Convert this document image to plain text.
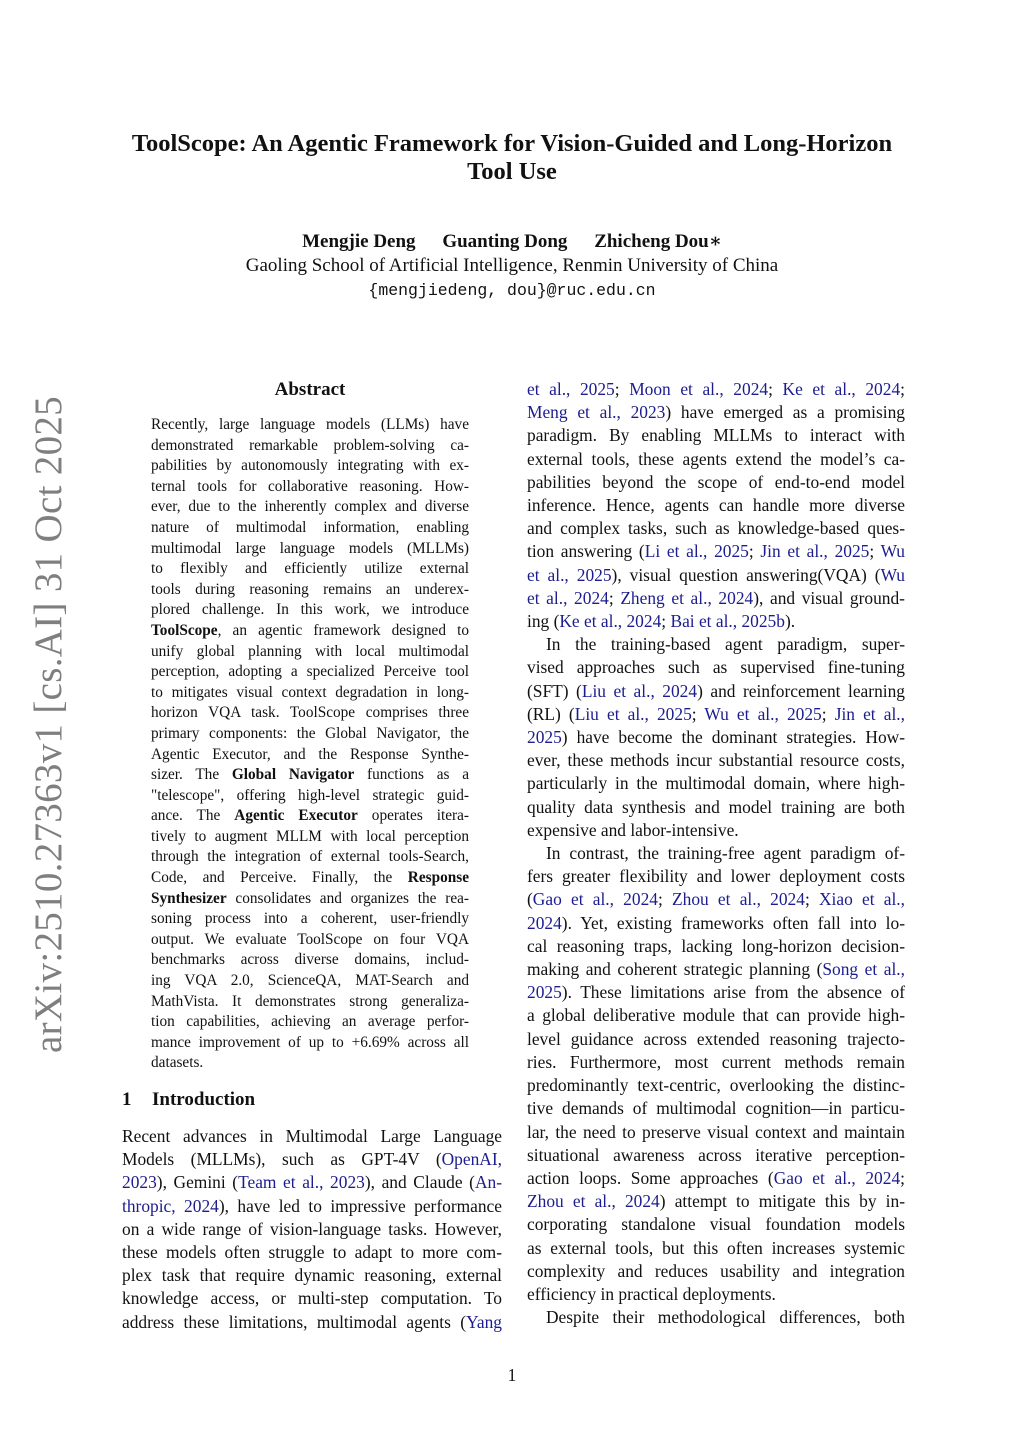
arXiv:2510.27363v1 [cs.AI] 31 Oct 2025
ToolScope: An Agentic Framework for Vision-Guided and Long-Horizon
Tool Use
Mengjie Deng Guanting Dong Zhicheng Dou∗
Gaoling School of Artificial Intelligence, Renmin University of China
{mengjiedeng, dou}@ruc.edu.cn
Abstract
Recently, large language models (LLMs) have
demonstrated remarkable problem-solving ca-
pabilities by autonomously integrating with ex-
ternal tools for collaborative reasoning. How-
ever, due to the inherently complex and diverse
nature of multimodal information, enabling
multimodal large language models (MLLMs)
to flexibly and efficiently utilize external
tools during reasoning remains an underex-
plored challenge. In this work, we introduce
ToolScope, an agentic framework designed to
unify global planning with local multimodal
perception, adopting a specialized Perceive tool
to mitigates visual context degradation in long-
horizon VQA task. ToolScope comprises three
primary components: the Global Navigator, the
Agentic Executor, and the Response Synthe-
sizer. The Global Navigator functions as a
"telescope", offering high-level strategic guid-
ance. The Agentic Executor operates itera-
tively to augment MLLM with local perception
through the integration of external tools-Search,
Code, and Perceive. Finally, the Response
Synthesizer consolidates and organizes the rea-
soning process into a coherent, user-friendly
output. We evaluate ToolScope on four VQA
benchmarks across diverse domains, includ-
ing VQA 2.0, ScienceQA, MAT-Search and
MathVista. It demonstrates strong generaliza-
tion capabilities, achieving an average perfor-
mance improvement of up to +6.69% across all
datasets.
1 Introduction
Recent advances in Multimodal Large Language
Models (MLLMs), such as GPT-4V (OpenAI,
2023), Gemini (Team et al., 2023), and Claude (An-
thropic, 2024), have led to impressive performance
on a wide range of vision-language tasks. However,
these models often struggle to adapt to more com-
plex task that require dynamic reasoning, external
knowledge access, or multi-step computation. To
address these limitations, multimodal agents (Yang
et al., 2025; Moon et al., 2024; Ke et al., 2024;
Meng et al., 2023) have emerged as a promising
paradigm. By enabling MLLMs to interact with
external tools, these agents extend the model’s ca-
pabilities beyond the scope of end-to-end model
inference. Hence, agents can handle more diverse
and complex tasks, such as knowledge-based ques-
tion answering (Li et al., 2025; Jin et al., 2025; Wu
et al., 2025), visual question answering(VQA) (Wu
et al., 2024; Zheng et al., 2024), and visual ground-
ing (Ke et al., 2024; Bai et al., 2025b).
In the training-based agent paradigm, super-
vised approaches such as supervised fine-tuning
(SFT) (Liu et al., 2024) and reinforcement learning
(RL) (Liu et al., 2025; Wu et al., 2025; Jin et al.,
2025) have become the dominant strategies. How-
ever, these methods incur substantial resource costs,
particularly in the multimodal domain, where high-
quality data synthesis and model training are both
expensive and labor-intensive.
In contrast, the training-free agent paradigm of-
fers greater flexibility and lower deployment costs
(Gao et al., 2024; Zhou et al., 2024; Xiao et al.,
2024). Yet, existing frameworks often fall into lo-
cal reasoning traps, lacking long-horizon decision-
making and coherent strategic planning (Song et al.,
2025). These limitations arise from the absence of
a global deliberative module that can provide high-
level guidance across extended reasoning trajecto-
ries. Furthermore, most current methods remain
predominantly text-centric, overlooking the distinc-
tive demands of multimodal cognition—in particu-
lar, the need to preserve visual context and maintain
situational awareness across iterative perception-
action loops. Some approaches (Gao et al., 2024;
Zhou et al., 2024) attempt to mitigate this by in-
corporating standalone visual foundation models
as external tools, but this often increases systemic
complexity and reduces usability and integration
efficiency in practical deployments.
Despite their methodological differences, both
1
